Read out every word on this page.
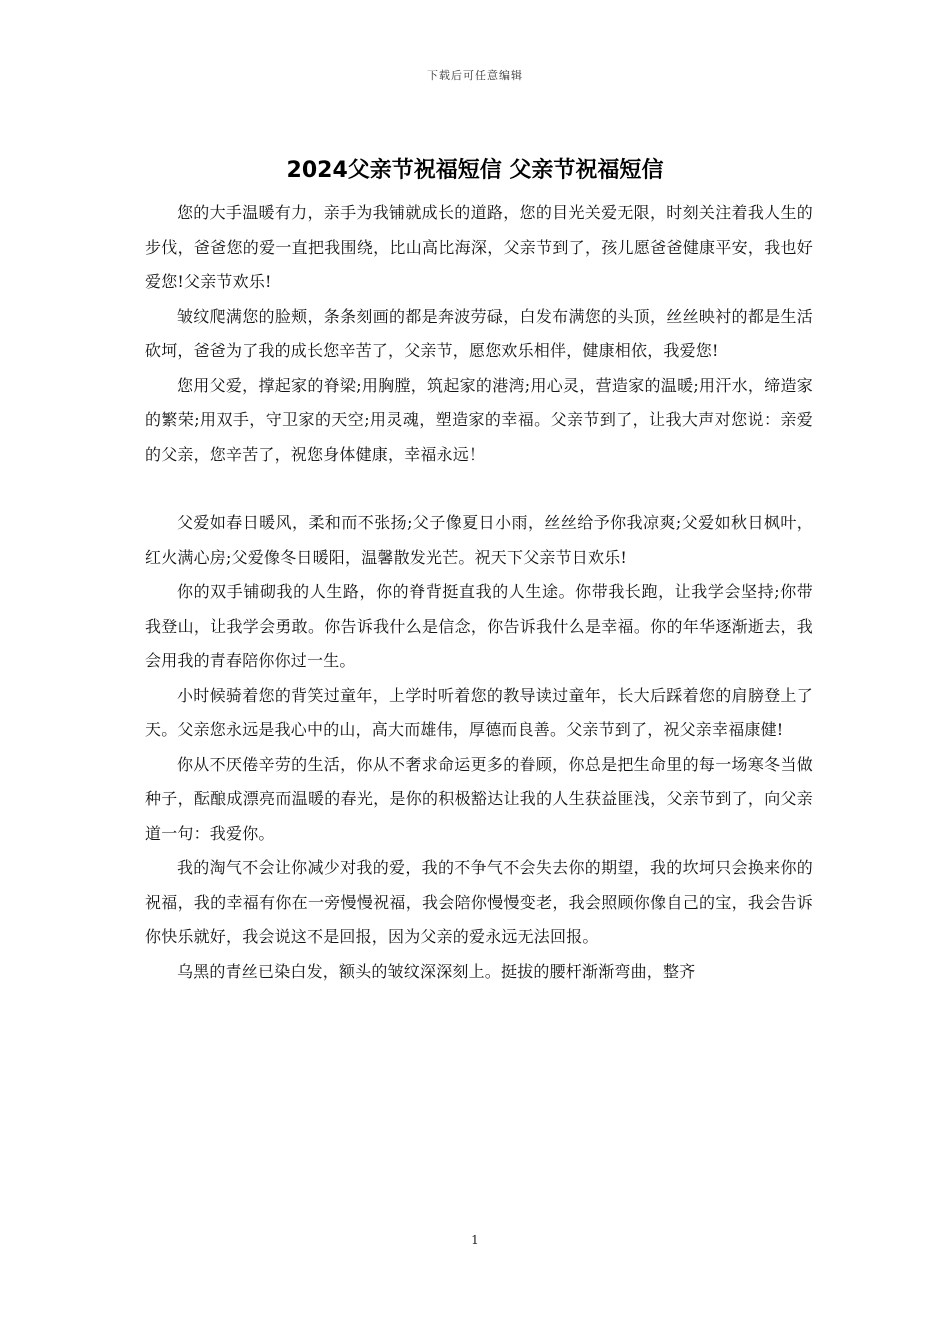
下载后可任意编辑
2024父亲节祝福短信 父亲节祝福短信

您的大手温暖有力，亲手为我铺就成长的道路，您的目光关爱无限，时刻关注着我人生的步伐，爸爸您的爱一直把我围绕，比山高比海深，父亲节到了，孩儿愿爸爸健康平安，我也好爱您!父亲节欢乐!

皱纹爬满您的脸颊，条条刻画的都是奔波劳碌，白发布满您的头顶，丝丝映衬的都是生活砍坷，爸爸为了我的成长您辛苦了，父亲节，愿您欢乐相伴，健康相依，我爱您!

您用父爱，撑起家的脊梁;用胸膛，筑起家的港湾;用心灵，营造家的温暖;用汗水，缔造家的繁荣;用双手，守卫家的天空;用灵魂，塑造家的幸福。父亲节到了，让我大声对您说：亲爱的父亲，您辛苦了，祝您身体健康，幸福永远！

父爱如春日暖风，柔和而不张扬;父子像夏日小雨，丝丝给予你我凉爽;父爱如秋日枫叶，红火满心房;父爱像冬日暖阳，温馨散发光芒。祝天下父亲节日欢乐!

你的双手铺砌我的人生路，你的脊背挺直我的人生途。你带我长跑，让我学会坚持;你带我登山，让我学会勇敢。你告诉我什么是信念，你告诉我什么是幸福。你的年华逐渐逝去，我会用我的青春陪你你过一生。

小时候骑着您的背笑过童年，上学时听着您的教导读过童年，长大后踩着您的肩膀登上了天。父亲您永远是我心中的山，高大而雄伟，厚德而良善。父亲节到了，祝父亲幸福康健!

你从不厌倦辛劳的生活，你从不奢求命运更多的眷顾，你总是把生命里的每一场寒冬当做种子，酝酿成漂亮而温暖的春光，是你的积极豁达让我的人生获益匪浅，父亲节到了，向父亲道一句：我爱你。

我的淘气不会让你减少对我的爱，我的不争气不会失去你的期望，我的坎坷只会换来你的祝福，我的幸福有你在一旁慢慢祝福，我会陪你慢慢变老，我会照顾你像自己的宝，我会告诉你快乐就好，我会说这不是回报，因为父亲的爱永远无法回报。

乌黑的青丝已染白发，额头的皱纹深深刻上。挺拔的腰杆渐渐弯曲，整齐

1
